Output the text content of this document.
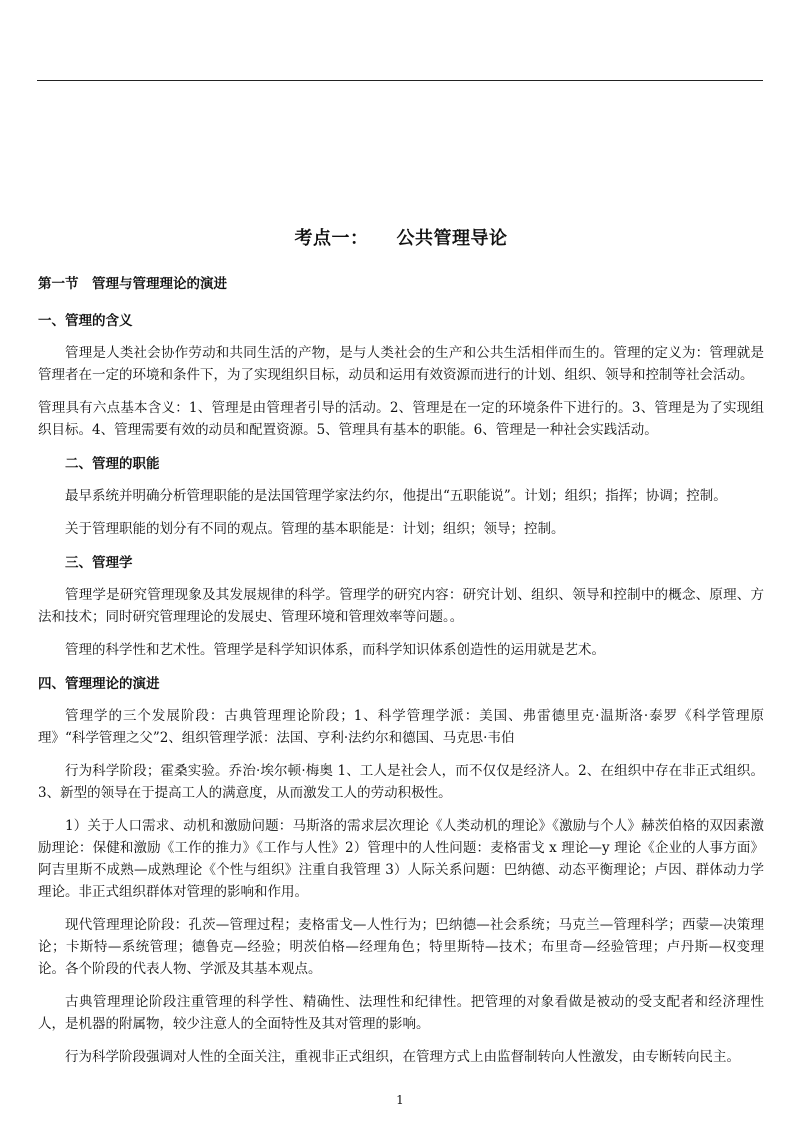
考点一： 公共管理导论
第一节　管理与管理理论的演进
一、管理的含义

管理是人类社会协作劳动和共同生活的产物，是与人类社会的生产和公共生活相伴而生的。管理的定义为：管理就是管理者在一定的环境和条件下，为了实现组织目标，动员和运用有效资源而进行的计划、组织、领导和控制等社会活动。

管理具有六点基本含义：1、管理是由管理者引导的活动。2、管理是在一定的环境条件下进行的。3、管理是为了实现组织目标。4、管理需要有效的动员和配置资源。5、管理具有基本的职能。6、管理是一种社会实践活动。

二、管理的职能

最早系统并明确分析管理职能的是法国管理学家法约尔，他提出“五职能说”。计划；组织；指挥；协调；控制。

关于管理职能的划分有不同的观点。管理的基本职能是：计划；组织；领导；控制。

三、管理学

管理学是研究管理现象及其发展规律的科学。管理学的研究内容：研究计划、组织、领导和控制中的概念、原理、方法和技术；同时研究管理理论的发展史、管理环境和管理效率等问题。。

管理的科学性和艺术性。管理学是科学知识体系，而科学知识体系创造性的运用就是艺术。

四、管理理论的演进

管理学的三个发展阶段：古典管理理论阶段；1、科学管理学派：美国、弗雷德里克·温斯洛·泰罗《科学管理原理》“科学管理之父”2、组织管理学派：法国、亨利·法约尔和德国、马克思·韦伯

行为科学阶段；霍桑实验。乔治·埃尔顿·梅奥 1、工人是社会人，而不仅仅是经济人。2、在组织中存在非正式组织。3、新型的领导在于提高工人的满意度，从而激发工人的劳动积极性。

1）关于人口需求、动机和激励问题：马斯洛的需求层次理论《人类动机的理论》《激励与个人》赫茨伯格的双因素激励理论：保健和激励《工作的推力》《工作与人性》2）管理中的人性问题：麦格雷戈 x 理论—y 理论《企业的人事方面》阿吉里斯不成熟—成熟理论《个性与组织》注重自我管理 3）人际关系问题：巴纳德、动态平衡理论；卢因、群体动力学理论。非正式组织群体对管理的影响和作用。

现代管理理论阶段：孔茨—管理过程；麦格雷戈—人性行为；巴纳德—社会系统；马克兰—管理科学；西蒙—决策理论；卡斯特—系统管理；德鲁克—经验；明茨伯格—经理角色；特里斯特—技术；布里奇—经验管理；卢丹斯—权变理论。各个阶段的代表人物、学派及其基本观点。

古典管理理论阶段注重管理的科学性、精确性、法理性和纪律性。把管理的对象看做是被动的受支配者和经济理性人，是机器的附属物，较少注意人的全面特性及其对管理的影响。

行为科学阶段强调对人性的全面关注，重视非正式组织，在管理方式上由监督制转向人性激发，由专断转向民主。

1
